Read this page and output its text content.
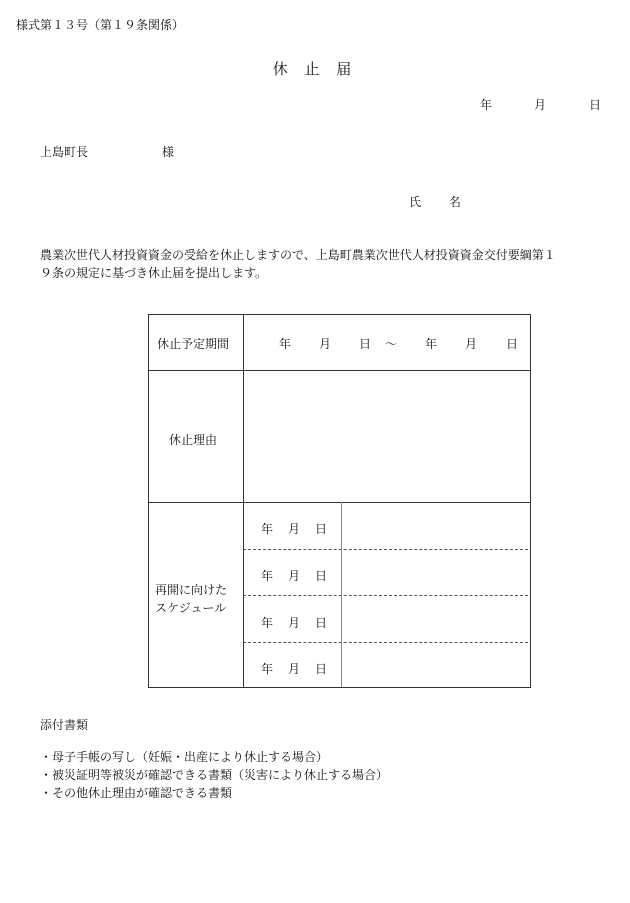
様式第１３号（第１９条関係）
休 止 届
年	月	日
上島町長	様
氏 名
農業次世代人材投資資金の受給を休止しますので、上島町農業次世代人材投資資金交付要綱第１
９条の規定に基づき休止届を提出します。
休止予定期間	年 月 日 ～ 年 月 日
休止理由
再開に向けた
スケジュール
年 月 日
年 月 日
年 月 日
年 月 日
添付書類
・母子手帳の写し（妊娠・出産により休止する場合）
・被災証明等被災が確認できる書類（災害により休止する場合）
・その他休止理由が確認できる書類
